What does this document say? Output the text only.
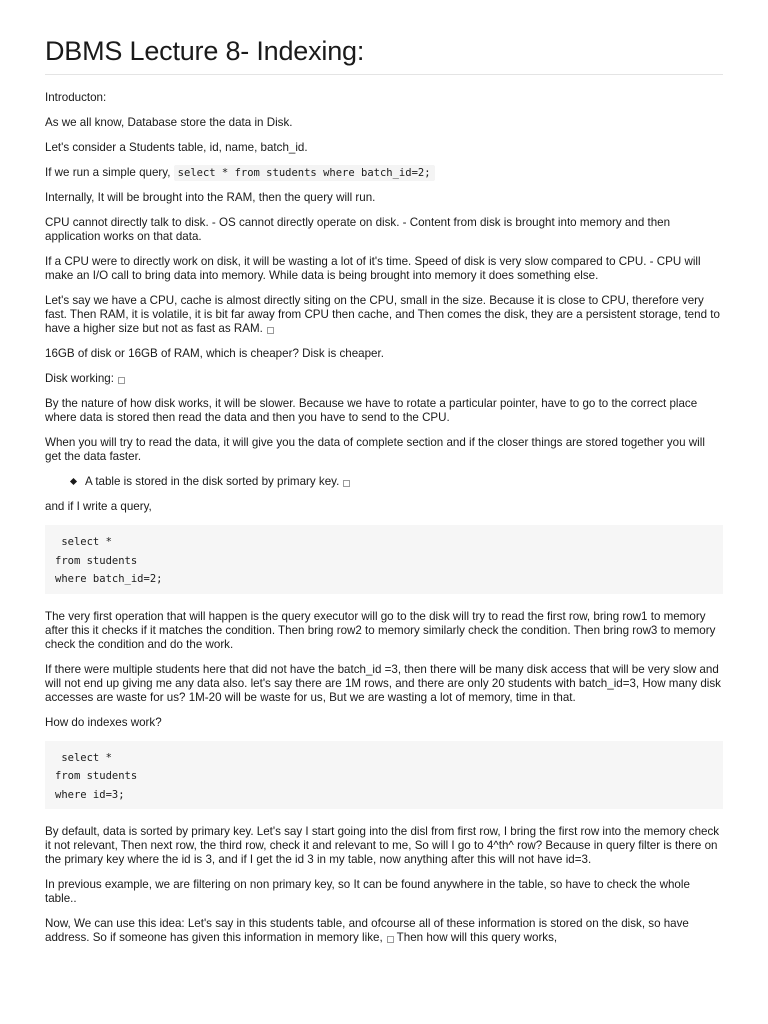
DBMS Lecture 8- Indexing:

Introducton:

As we all know, Database store the data in Disk.

Let's consider a Students table, id, name, batch_id.

If we run a simple query, select * from students where batch_id=2;

Internally, It will be brought into the RAM, then the query will run.

CPU cannot directly talk to disk. - OS cannot directly operate on disk. - Content from disk is brought into memory and then application works on that data.

If a CPU were to directly work on disk, it will be wasting a lot of it's time. Speed of disk is very slow compared to CPU. - CPU will make an I/O call to bring data into memory. While data is being brought into memory it does something else.

Let's say we have a CPU, cache is almost directly siting on the CPU, small in the size. Because it is close to CPU, therefore very fast. Then RAM, it is volatile, it is bit far away from CPU then cache, and Then comes the disk, they are a persistent storage, tend to have a higher size but not as fast as RAM.

16GB of disk or 16GB of RAM, which is cheaper? Disk is cheaper.

Disk working:

By the nature of how disk works, it will be slower. Because we have to rotate a particular pointer, have to go to the correct place where data is stored then read the data and then you have to send to the CPU.

When you will try to read the data, it will give you the data of complete section and if the closer things are stored together you will get the data faster.

A table is stored in the disk sorted by primary key.

and if I write a query,

select *
from students
where batch_id=2;

The very first operation that will happen is the query executor will go to the disk will try to read the first row, bring row1 to memory after this it checks if it matches the condition. Then bring row2 to memory similarly check the condition. Then bring row3 to memory check the condition and do the work.

If there were multiple students here that did not have the batch_id =3, then there will be many disk access that will be very slow and will not end up giving me any data also. let's say there are 1M rows, and there are only 20 students with batch_id=3, How many disk accesses are waste for us? 1M-20 will be waste for us, But we are wasting a lot of memory, time in that.

How do indexes work?

select *
from students
where id=3;

By default, data is sorted by primary key. Let's say I start going into the disl from first row, I bring the first row into the memory check it not relevant, Then next row, the third row, check it and relevant to me, So will I go to 4^th^ row? Because in query filter is there on the primary key where the id is 3, and if I get the id 3 in my table, now anything after this will not have id=3.

In previous example, we are filtering on non primary key, so It can be found anywhere in the table, so have to check the whole table..

Now, We can use this idea: Let's say in this students table, and ofcourse all of these information is stored on the disk, so have address. So if someone has given this information in memory like, Then how will this query works,
